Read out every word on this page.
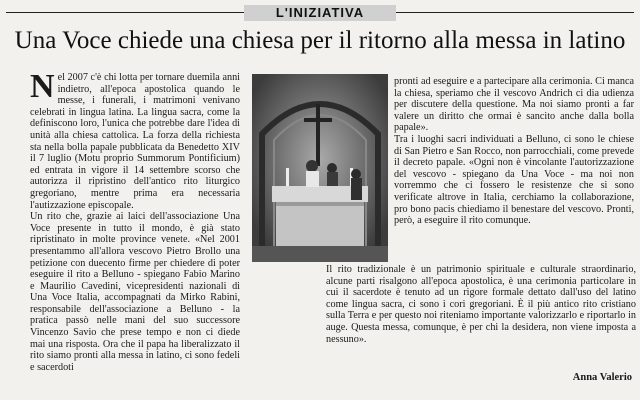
L'INIZIATIVA
Una Voce chiede una chiesa per il ritorno alla messa in latino

Nel 2007 c'è chi lotta per tornare duemila anni indietro, all'epoca apostolica quando le messe, i funerali, i matrimoni venivano celebrati in lingua latina. La lingua sacra, come la definiscono loro, l'unica che potrebbe dare l'idea di unità alla chiesa cattolica. La forza della richiesta sta nella bolla papale pubblicata da Benedetto XIV il 7 luglio (Motu proprio Summorum Pontificium) ed entrata in vigore il 14 settembre scorso che autorizza il ripristino dell'antico rito liturgico gregoriano, mentre prima era necessaria l'autizzazione episcopale.

Un rito che, grazie ai laici dell'associazione Una Voce presente in tutto il mondo, è già stato ripristinato in molte province venete. «Nel 2001 presentammo all'allora vescovo Pietro Brollo una petizione con duecento firme per chiedere di poter eseguire il rito a Belluno - spiegano Fabio Marino e Maurilio Cavedini, vicepresidenti nazionali di Una Voce Italia, accompagnati da Mirko Rabini, responsabile dell'associazione a Belluno - la pratica passò nelle mani del suo successore Vincenzo Savio che prese tempo e non ci diede mai una risposta. Ora che il papa ha liberalizzato il rito siamo pronti alla messa in latino, ci sono fedeli e sacerdoti

pronti ad eseguire e a partecipare alla cerimonia. Ci manca la chiesa, speriamo che il vescovo Andrich ci dia udienza per discutere della questione. Ma noi siamo pronti a far valere un diritto che ormai è sancito anche dalla bolla papale».

Tra i luoghi sacri individuati a Belluno, ci sono le chiese di San Pietro e San Rocco, non parrocchiali, come prevede il decreto papale. «Ogni non è vincolante l'autorizzazione del vescovo - spiegano da Una Voce - ma noi non vorremmo che ci fossero le resistenze che si sono verificate altrove in Italia, cerchiamo la collaborazione, pro bono pacis chiediamo il benestare del vescovo. Pronti, però, a eseguire il rito comunque.

Il rito tradizionale è un patrimonio spirituale e culturale straordinario, alcune parti risalgono all'epoca apostolica, è una cerimonia particolare in cui il sacerdote è tenuto ad un rigore formale dettato dall'uso del latino come lingua sacra, ci sono i cori gregoriani. È il più antico rito cristiano sulla Terra e per questo noi riteniamo importante valorizzarlo e riportarlo in auge. Questa messa, comunque, è per chi la desidera, non viene imposta a nessuno».

Anna Valerio
